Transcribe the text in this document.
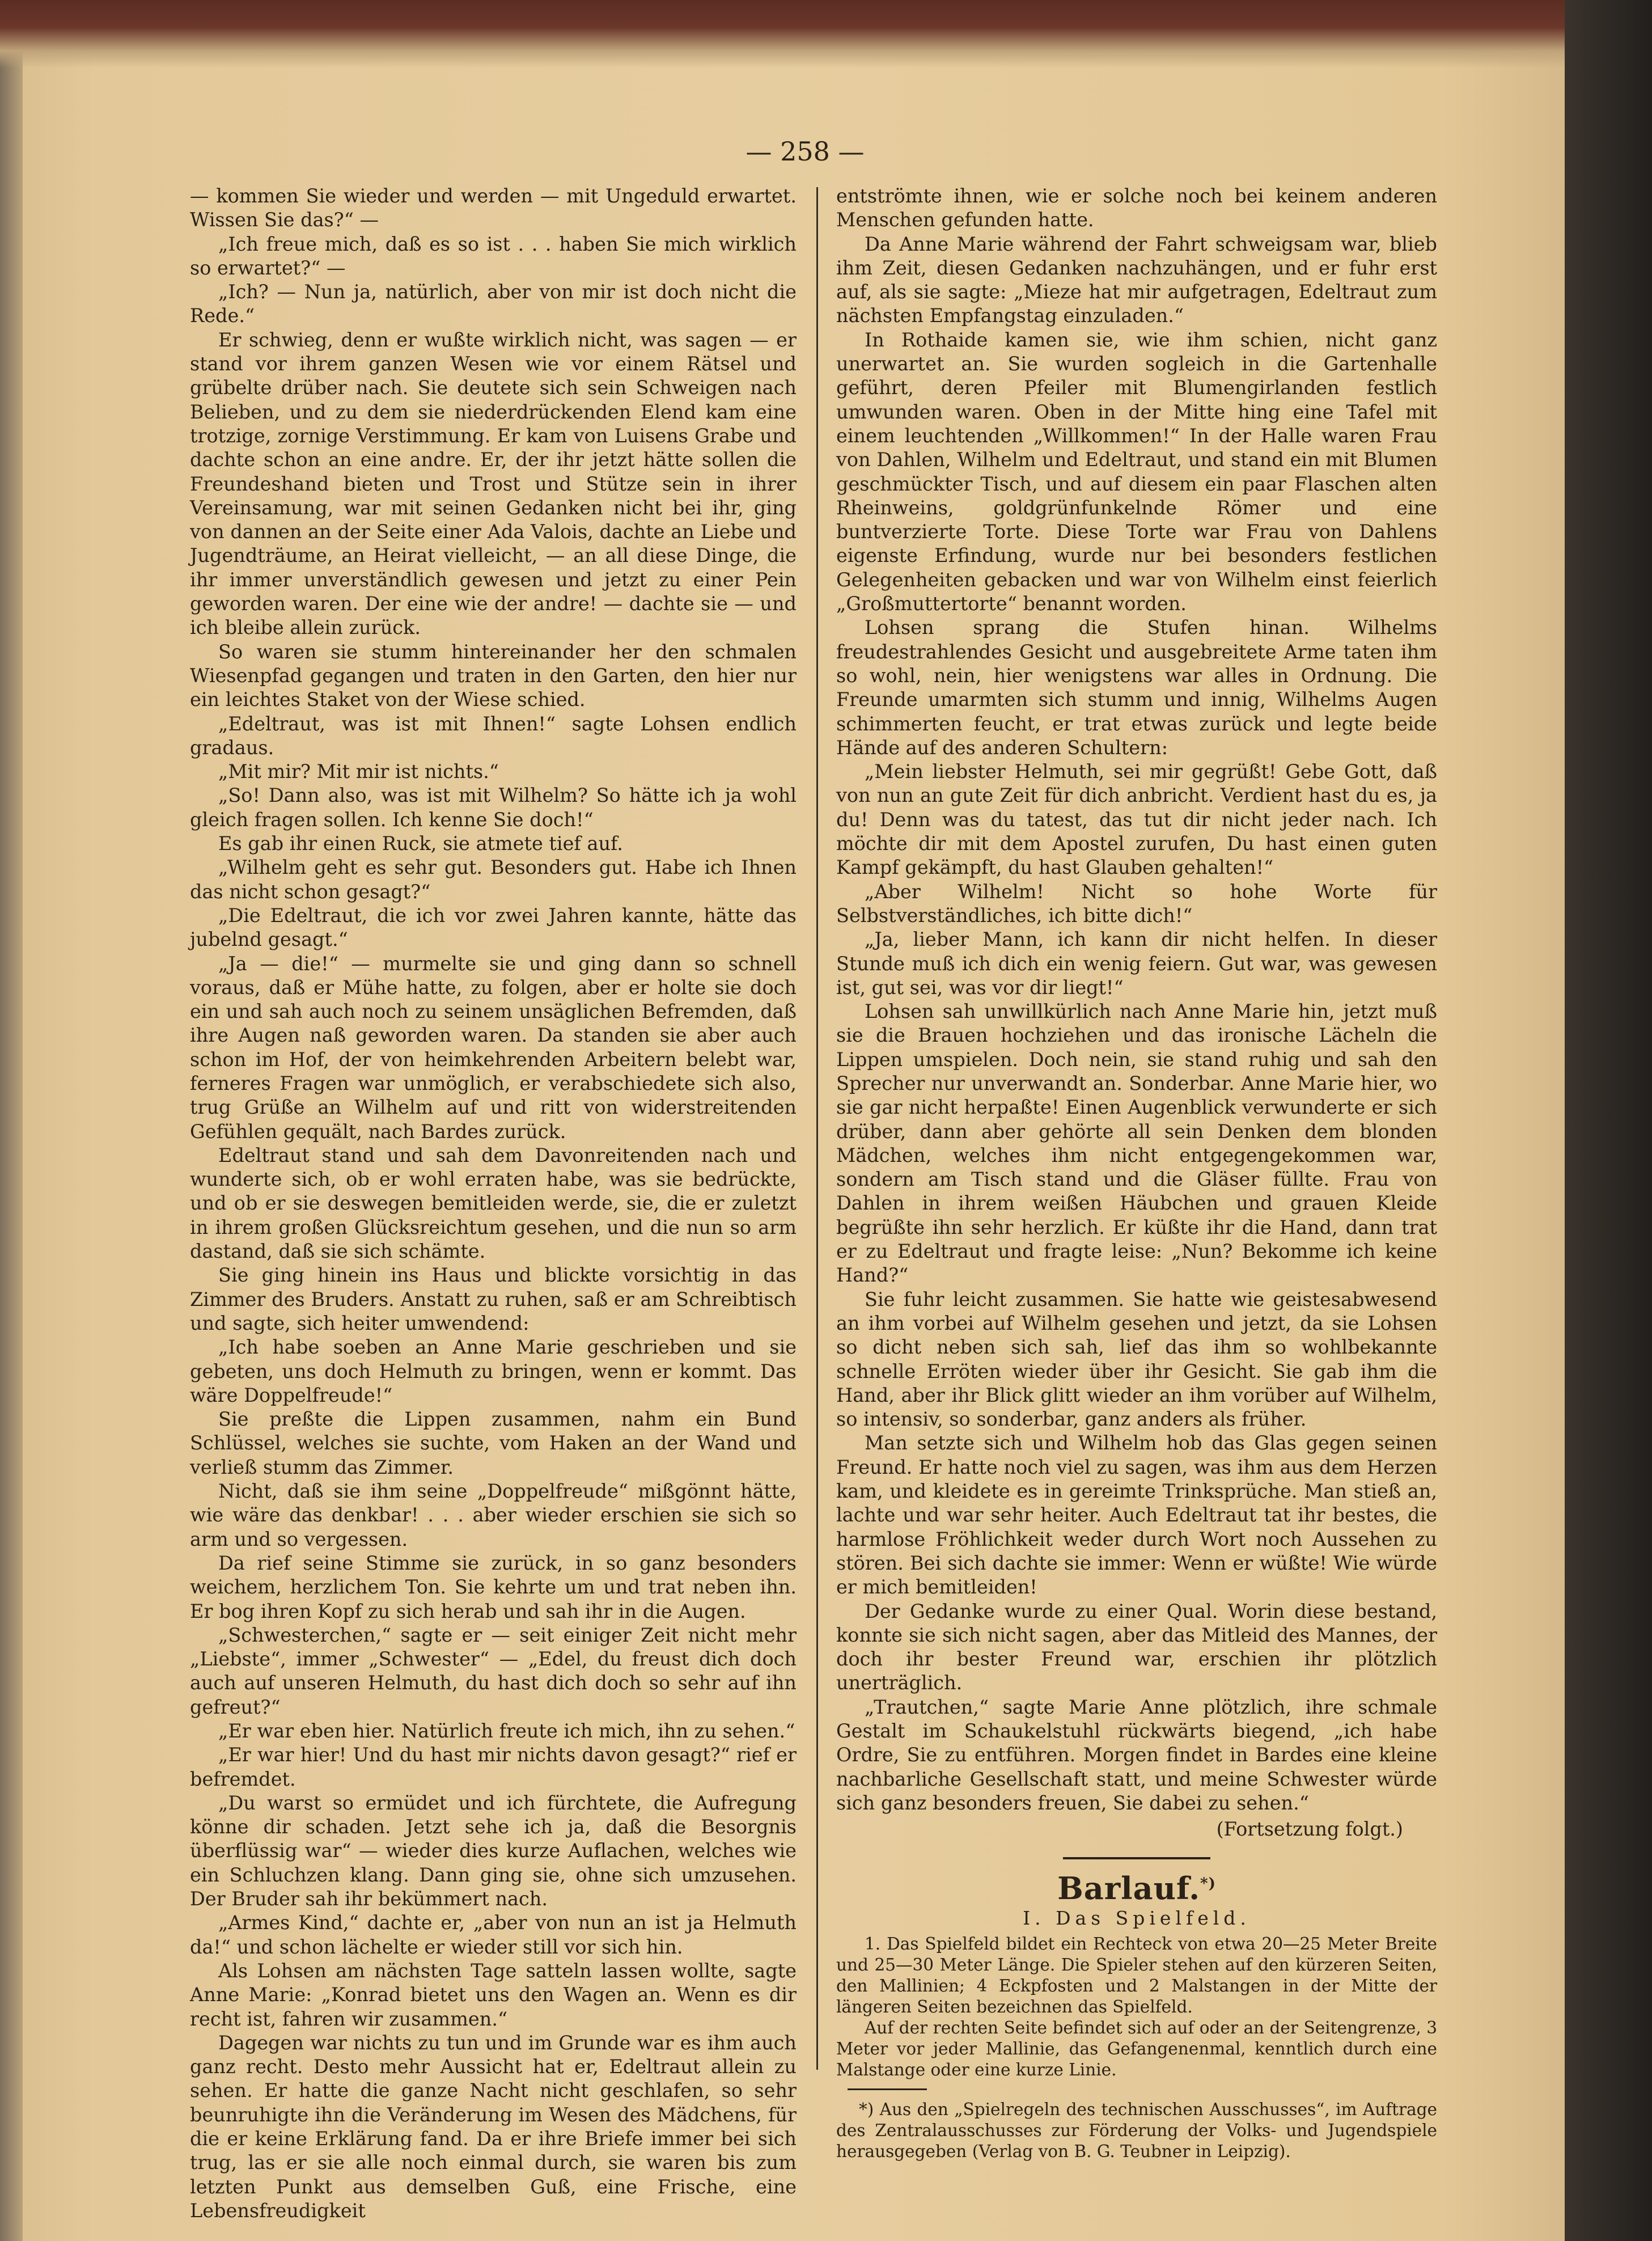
— 258 —

— kommen Sie wieder und werden — mit Ungeduld erwartet. Wissen Sie das?“ —

„Ich freue mich, daß es so ist . . . haben Sie mich wirklich so erwartet?“ —

„Ich? — Nun ja, natürlich, aber von mir ist doch nicht die Rede.“

Er schwieg, denn er wußte wirklich nicht, was sagen — er stand vor ihrem ganzen Wesen wie vor einem Rätsel und grübelte drüber nach. Sie deutete sich sein Schweigen nach Belieben, und zu dem sie niederdrückenden Elend kam eine trotzige, zornige Verstimmung. Er kam von Luisens Grabe und dachte schon an eine andre. Er, der ihr jetzt hätte sollen die Freundeshand bieten und Trost und Stütze sein in ihrer Vereinsamung, war mit seinen Gedanken nicht bei ihr, ging von dannen an der Seite einer Ada Valois, dachte an Liebe und Jugendträume, an Heirat vielleicht, — an all diese Dinge, die ihr immer unverständlich gewesen und jetzt zu einer Pein geworden waren. Der eine wie der andre! — dachte sie — und ich bleibe allein zurück.

So waren sie stumm hintereinander her den schmalen Wiesenpfad gegangen und traten in den Garten, den hier nur ein leichtes Staket von der Wiese schied.

„Edeltraut, was ist mit Ihnen!“ sagte Lohsen endlich gradaus.

„Mit mir? Mit mir ist nichts.“

„So! Dann also, was ist mit Wilhelm? So hätte ich ja wohl gleich fragen sollen. Ich kenne Sie doch!“

Es gab ihr einen Ruck, sie atmete tief auf.

„Wilhelm geht es sehr gut. Besonders gut. Habe ich Ihnen das nicht schon gesagt?“

„Die Edeltraut, die ich vor zwei Jahren kannte, hätte das jubelnd gesagt.“

„Ja — die!“ — murmelte sie und ging dann so schnell voraus, daß er Mühe hatte, zu folgen, aber er holte sie doch ein und sah auch noch zu seinem unsäglichen Befremden, daß ihre Augen naß geworden waren. Da standen sie aber auch schon im Hof, der von heimkehrenden Arbeitern belebt war, ferneres Fragen war unmöglich, er verabschiedete sich also, trug Grüße an Wilhelm auf und ritt von widerstreitenden Gefühlen gequält, nach Bardes zurück.

Edeltraut stand und sah dem Davonreitenden nach und wunderte sich, ob er wohl erraten habe, was sie bedrückte, und ob er sie deswegen bemitleiden werde, sie, die er zuletzt in ihrem großen Glücksreichtum gesehen, und die nun so arm dastand, daß sie sich schämte.

Sie ging hinein ins Haus und blickte vorsichtig in das Zimmer des Bruders. Anstatt zu ruhen, saß er am Schreibtisch und sagte, sich heiter umwendend:

„Ich habe soeben an Anne Marie geschrieben und sie gebeten, uns doch Helmuth zu bringen, wenn er kommt. Das wäre Doppelfreude!“

Sie preßte die Lippen zusammen, nahm ein Bund Schlüssel, welches sie suchte, vom Haken an der Wand und verließ stumm das Zimmer.

Nicht, daß sie ihm seine „Doppelfreude“ mißgönnt hätte, wie wäre das denkbar! . . . aber wieder erschien sie sich so arm und so vergessen.

Da rief seine Stimme sie zurück, in so ganz besonders weichem, herzlichem Ton. Sie kehrte um und trat neben ihn. Er bog ihren Kopf zu sich herab und sah ihr in die Augen.

„Schwesterchen,“ sagte er — seit einiger Zeit nicht mehr „Liebste“, immer „Schwester“ — „Edel, du freust dich doch auch auf unseren Helmuth, du hast dich doch so sehr auf ihn gefreut?“

„Er war eben hier. Natürlich freute ich mich, ihn zu sehen.“

„Er war hier! Und du hast mir nichts davon gesagt?“ rief er befremdet.

„Du warst so ermüdet und ich fürchtete, die Aufregung könne dir schaden. Jetzt sehe ich ja, daß die Besorgnis überflüssig war“ — wieder dies kurze Auflachen, welches wie ein Schluchzen klang. Dann ging sie, ohne sich umzusehen. Der Bruder sah ihr bekümmert nach.

„Armes Kind,“ dachte er, „aber von nun an ist ja Helmuth da!“ und schon lächelte er wieder still vor sich hin.

Als Lohsen am nächsten Tage satteln lassen wollte, sagte Anne Marie: „Konrad bietet uns den Wagen an. Wenn es dir recht ist, fahren wir zusammen.“

Dagegen war nichts zu tun und im Grunde war es ihm auch ganz recht. Desto mehr Aussicht hat er, Edeltraut allein zu sehen. Er hatte die ganze Nacht nicht geschlafen, so sehr beunruhigte ihn die Veränderung im Wesen des Mädchens, für die er keine Erklärung fand. Da er ihre Briefe immer bei sich trug, las er sie alle noch einmal durch, sie waren bis zum letzten Punkt aus demselben Guß, eine Frische, eine Lebensfreudigkeit

entströmte ihnen, wie er solche noch bei keinem anderen Menschen gefunden hatte.

Da Anne Marie während der Fahrt schweigsam war, blieb ihm Zeit, diesen Gedanken nachzuhängen, und er fuhr erst auf, als sie sagte: „Mieze hat mir aufgetragen, Edeltraut zum nächsten Empfangstag einzuladen.“

In Rothaide kamen sie, wie ihm schien, nicht ganz unerwartet an. Sie wurden sogleich in die Gartenhalle geführt, deren Pfeiler mit Blumengirlanden festlich umwunden waren. Oben in der Mitte hing eine Tafel mit einem leuchtenden „Willkommen!“ In der Halle waren Frau von Dahlen, Wilhelm und Edeltraut, und stand ein mit Blumen geschmückter Tisch, und auf diesem ein paar Flaschen alten Rheinweins, goldgrünfunkelnde Römer und eine buntverzierte Torte. Diese Torte war Frau von Dahlens eigenste Erfindung, wurde nur bei besonders festlichen Gelegenheiten gebacken und war von Wilhelm einst feierlich „Großmuttertorte“ benannt worden.

Lohsen sprang die Stufen hinan. Wilhelms freudestrahlendes Gesicht und ausgebreitete Arme taten ihm so wohl, nein, hier wenigstens war alles in Ordnung. Die Freunde umarmten sich stumm und innig, Wilhelms Augen schimmerten feucht, er trat etwas zurück und legte beide Hände auf des anderen Schultern:

„Mein liebster Helmuth, sei mir gegrüßt! Gebe Gott, daß von nun an gute Zeit für dich anbricht. Verdient hast du es, ja du! Denn was du tatest, das tut dir nicht jeder nach. Ich möchte dir mit dem Apostel zurufen, Du hast einen guten Kampf gekämpft, du hast Glauben gehalten!“

„Aber Wilhelm! Nicht so hohe Worte für Selbstverständliches, ich bitte dich!“

„Ja, lieber Mann, ich kann dir nicht helfen. In dieser Stunde muß ich dich ein wenig feiern. Gut war, was gewesen ist, gut sei, was vor dir liegt!“

Lohsen sah unwillkürlich nach Anne Marie hin, jetzt muß sie die Brauen hochziehen und das ironische Lächeln die Lippen umspielen. Doch nein, sie stand ruhig und sah den Sprecher nur unverwandt an. Sonderbar. Anne Marie hier, wo sie gar nicht herpaßte! Einen Augenblick verwunderte er sich drüber, dann aber gehörte all sein Denken dem blonden Mädchen, welches ihm nicht entgegengekommen war, sondern am Tisch stand und die Gläser füllte. Frau von Dahlen in ihrem weißen Häubchen und grauen Kleide begrüßte ihn sehr herzlich. Er küßte ihr die Hand, dann trat er zu Edeltraut und fragte leise: „Nun? Bekomme ich keine Hand?“

Sie fuhr leicht zusammen. Sie hatte wie geistesabwesend an ihm vorbei auf Wilhelm gesehen und jetzt, da sie Lohsen so dicht neben sich sah, lief das ihm so wohlbekannte schnelle Erröten wieder über ihr Gesicht. Sie gab ihm die Hand, aber ihr Blick glitt wieder an ihm vorüber auf Wilhelm, so intensiv, so sonderbar, ganz anders als früher.

Man setzte sich und Wilhelm hob das Glas gegen seinen Freund. Er hatte noch viel zu sagen, was ihm aus dem Herzen kam, und kleidete es in gereimte Trinksprüche. Man stieß an, lachte und war sehr heiter. Auch Edeltraut tat ihr bestes, die harmlose Fröhlichkeit weder durch Wort noch Aussehen zu stören. Bei sich dachte sie immer: Wenn er wüßte! Wie würde er mich bemitleiden!

Der Gedanke wurde zu einer Qual. Worin diese bestand, konnte sie sich nicht sagen, aber das Mitleid des Mannes, der doch ihr bester Freund war, erschien ihr plötzlich unerträglich.

„Trautchen,“ sagte Marie Anne plötzlich, ihre schmale Gestalt im Schaukelstuhl rückwärts biegend, „ich habe Ordre, Sie zu entführen. Morgen findet in Bardes eine kleine nachbarliche Gesellschaft statt, und meine Schwester würde sich ganz besonders freuen, Sie dabei zu sehen.“

(Fortsetzung folgt.)

Barlauf.*)
I. Das Spielfeld.

1. Das Spielfeld bildet ein Rechteck von etwa 20—25 Meter Breite und 25—30 Meter Länge. Die Spieler stehen auf den kürzeren Seiten, den Mallinien; 4 Eckpfosten und 2 Malstangen in der Mitte der längeren Seiten bezeichnen das Spielfeld.

Auf der rechten Seite befindet sich auf oder an der Seitengrenze, 3 Meter vor jeder Mallinie, das Gefangenenmal, kenntlich durch eine Malstange oder eine kurze Linie.

*) Aus den „Spielregeln des technischen Ausschusses“, im Auftrage des Zentralausschusses zur Förderung der Volks- und Jugendspiele herausgegeben (Verlag von B. G. Teubner in Leipzig).
